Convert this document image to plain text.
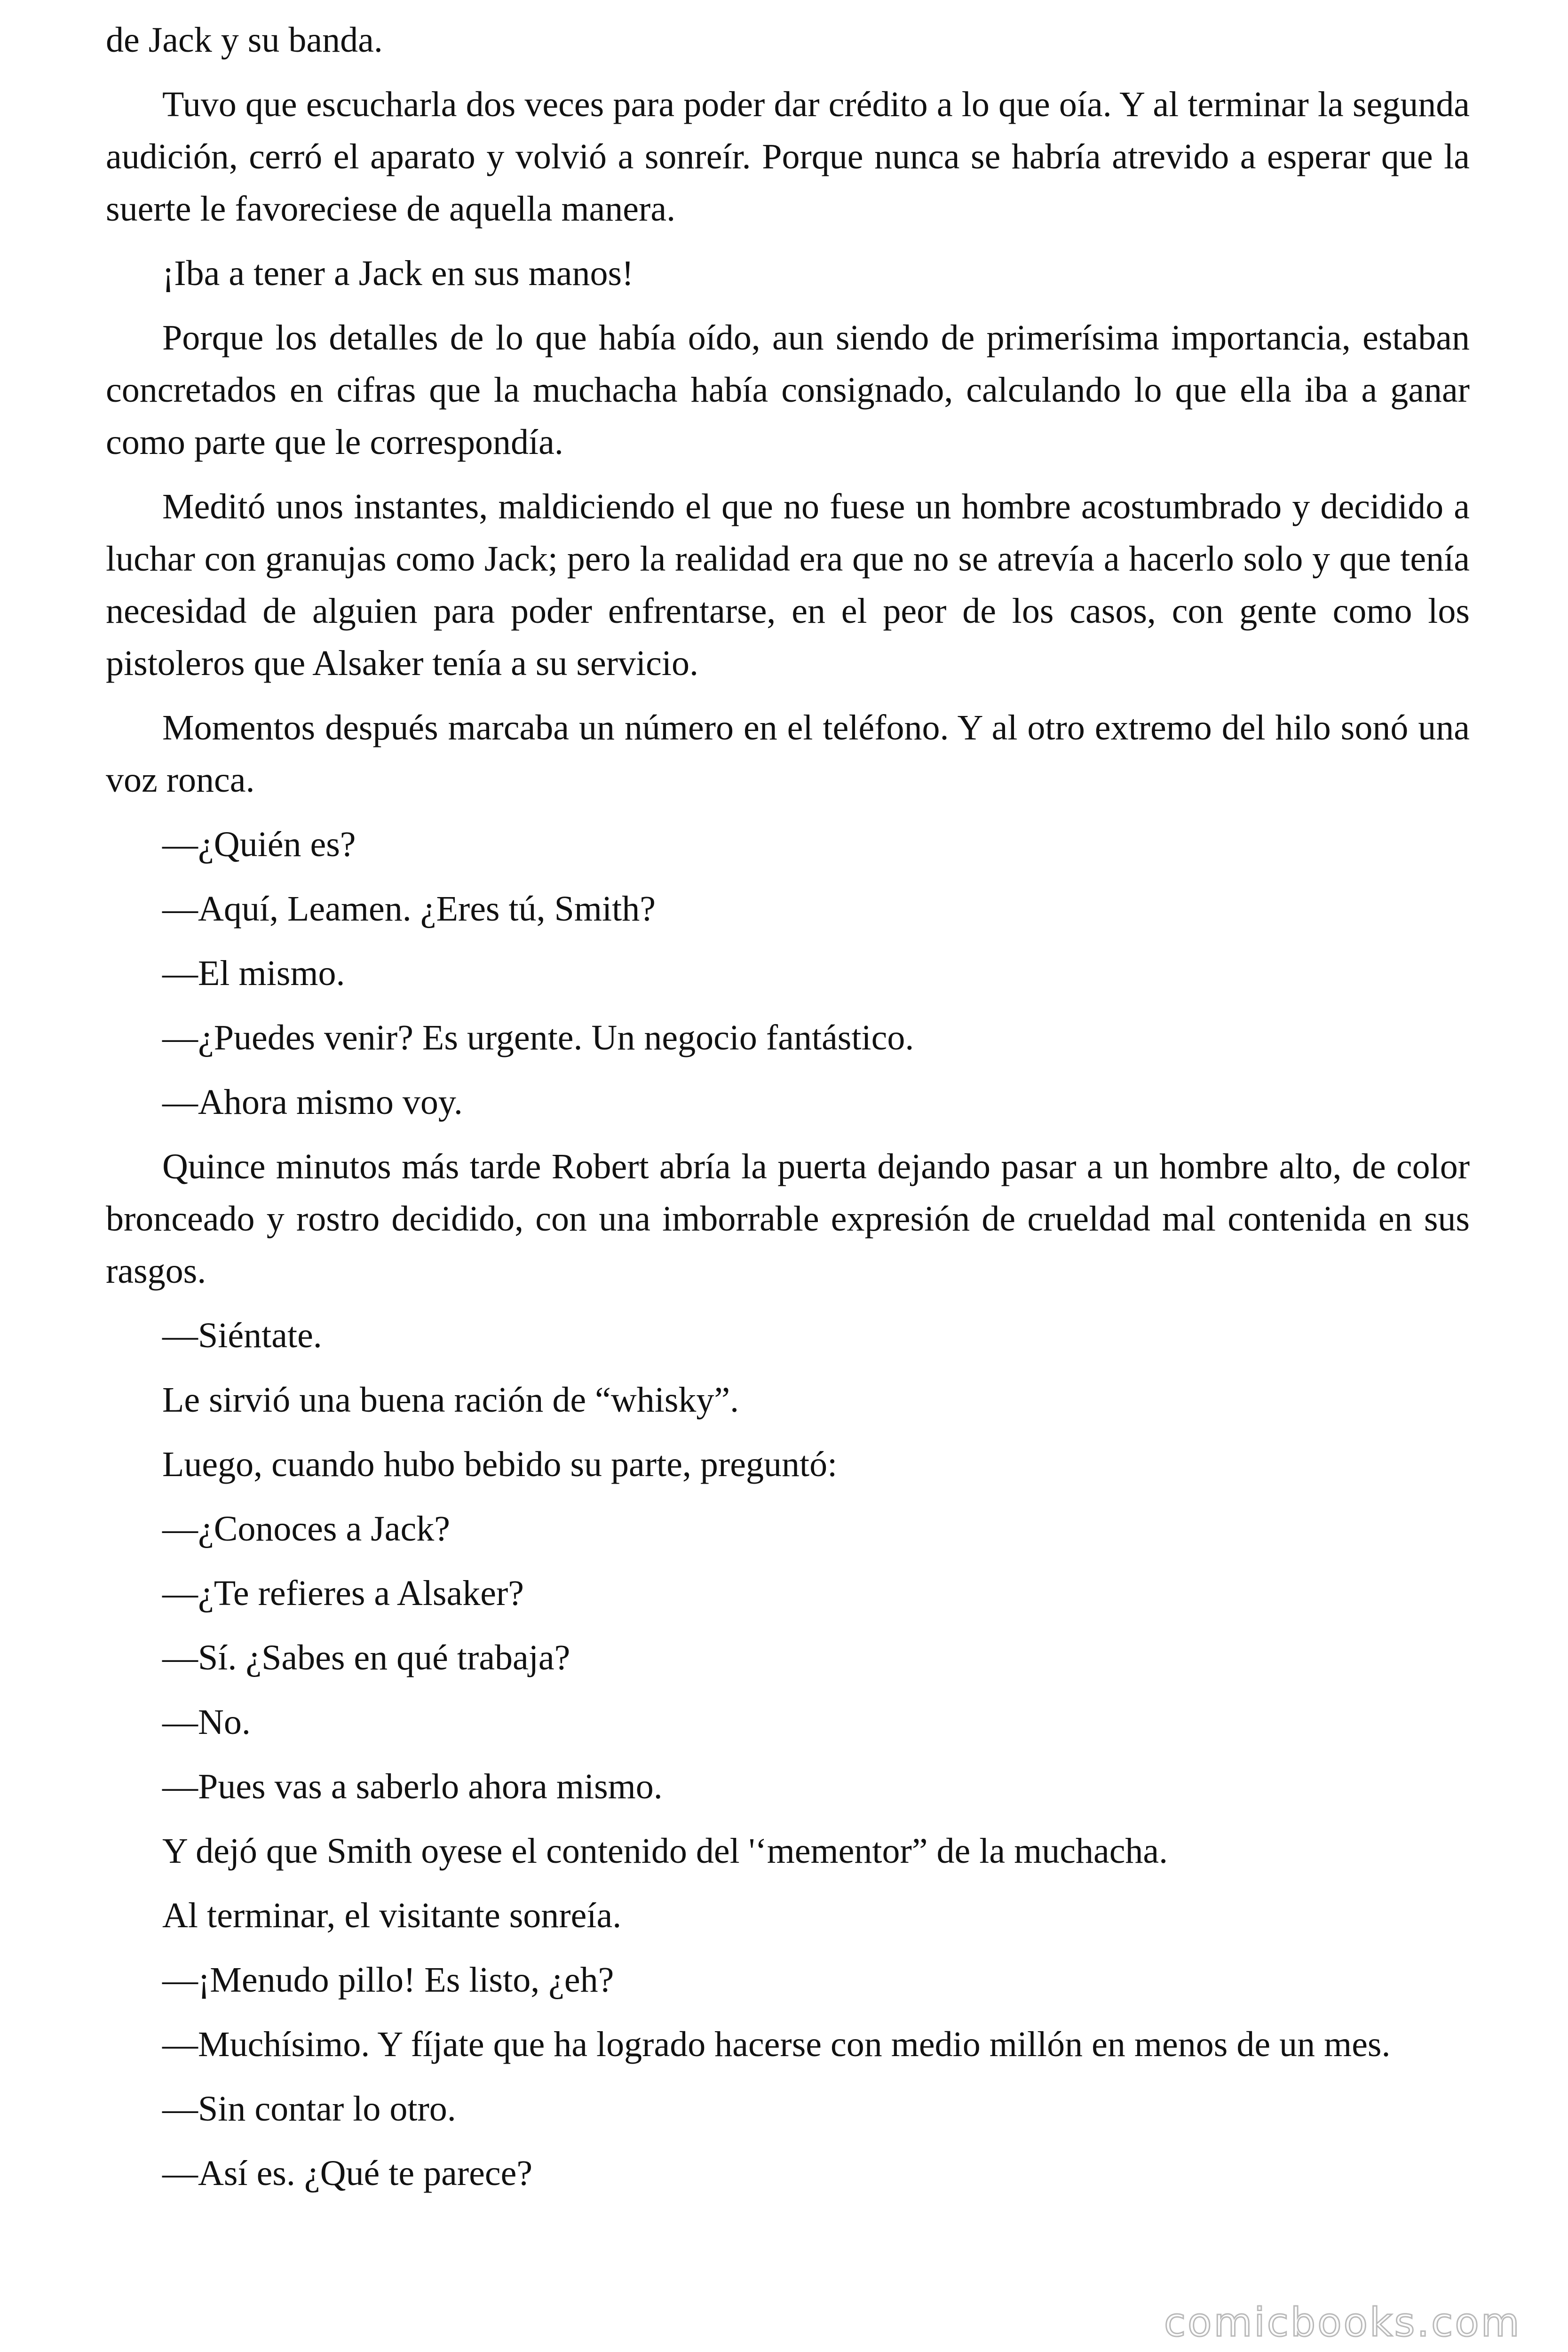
de Jack y su banda.

Tuvo que escucharla dos veces para poder dar crédito a lo que oía. Y al terminar la segunda audición, cerró el aparato y volvió a sonreír. Porque nunca se habría atrevido a esperar que la suerte le favoreciese de aquella manera.

¡Iba a tener a Jack en sus manos!

Porque los detalles de lo que había oído, aun siendo de primerísima importancia, estaban concretados en cifras que la muchacha había consignado, calculando lo que ella iba a ganar como parte que le correspondía.

Meditó unos instantes, maldiciendo el que no fuese un hombre acostumbrado y decidido a luchar con granujas como Jack; pero la realidad era que no se atrevía a hacerlo solo y que tenía necesidad de alguien para poder enfrentarse, en el peor de los casos, con gente como los pistoleros que Alsaker tenía a su servicio.

Momentos después marcaba un número en el teléfono. Y al otro extremo del hilo sonó una voz ronca.

—¿Quién es?

—Aquí, Leamen. ¿Eres tú, Smith?

—El mismo.

—¿Puedes venir? Es urgente. Un negocio fantástico.

—Ahora mismo voy.

Quince minutos más tarde Robert abría la puerta dejando pasar a un hombre alto, de color bronceado y rostro decidido, con una imborrable expresión de crueldad mal contenida en sus rasgos.

—Siéntate.

Le sirvió una buena ración de “whisky”.

Luego, cuando hubo bebido su parte, preguntó:

—¿Conoces a Jack?

—¿Te refieres a Alsaker?

—Sí. ¿Sabes en qué trabaja?

—No.

—Pues vas a saberlo ahora mismo.

Y dejó que Smith oyese el contenido del '‘mementor” de la muchacha.

Al terminar, el visitante sonreía.

—¡Menudo pillo! Es listo, ¿eh?

—Muchísimo. Y fíjate que ha logrado hacerse con medio millón en menos de un mes.

—Sin contar lo otro.

—Así es. ¿Qué te parece?

comicbooks.com
